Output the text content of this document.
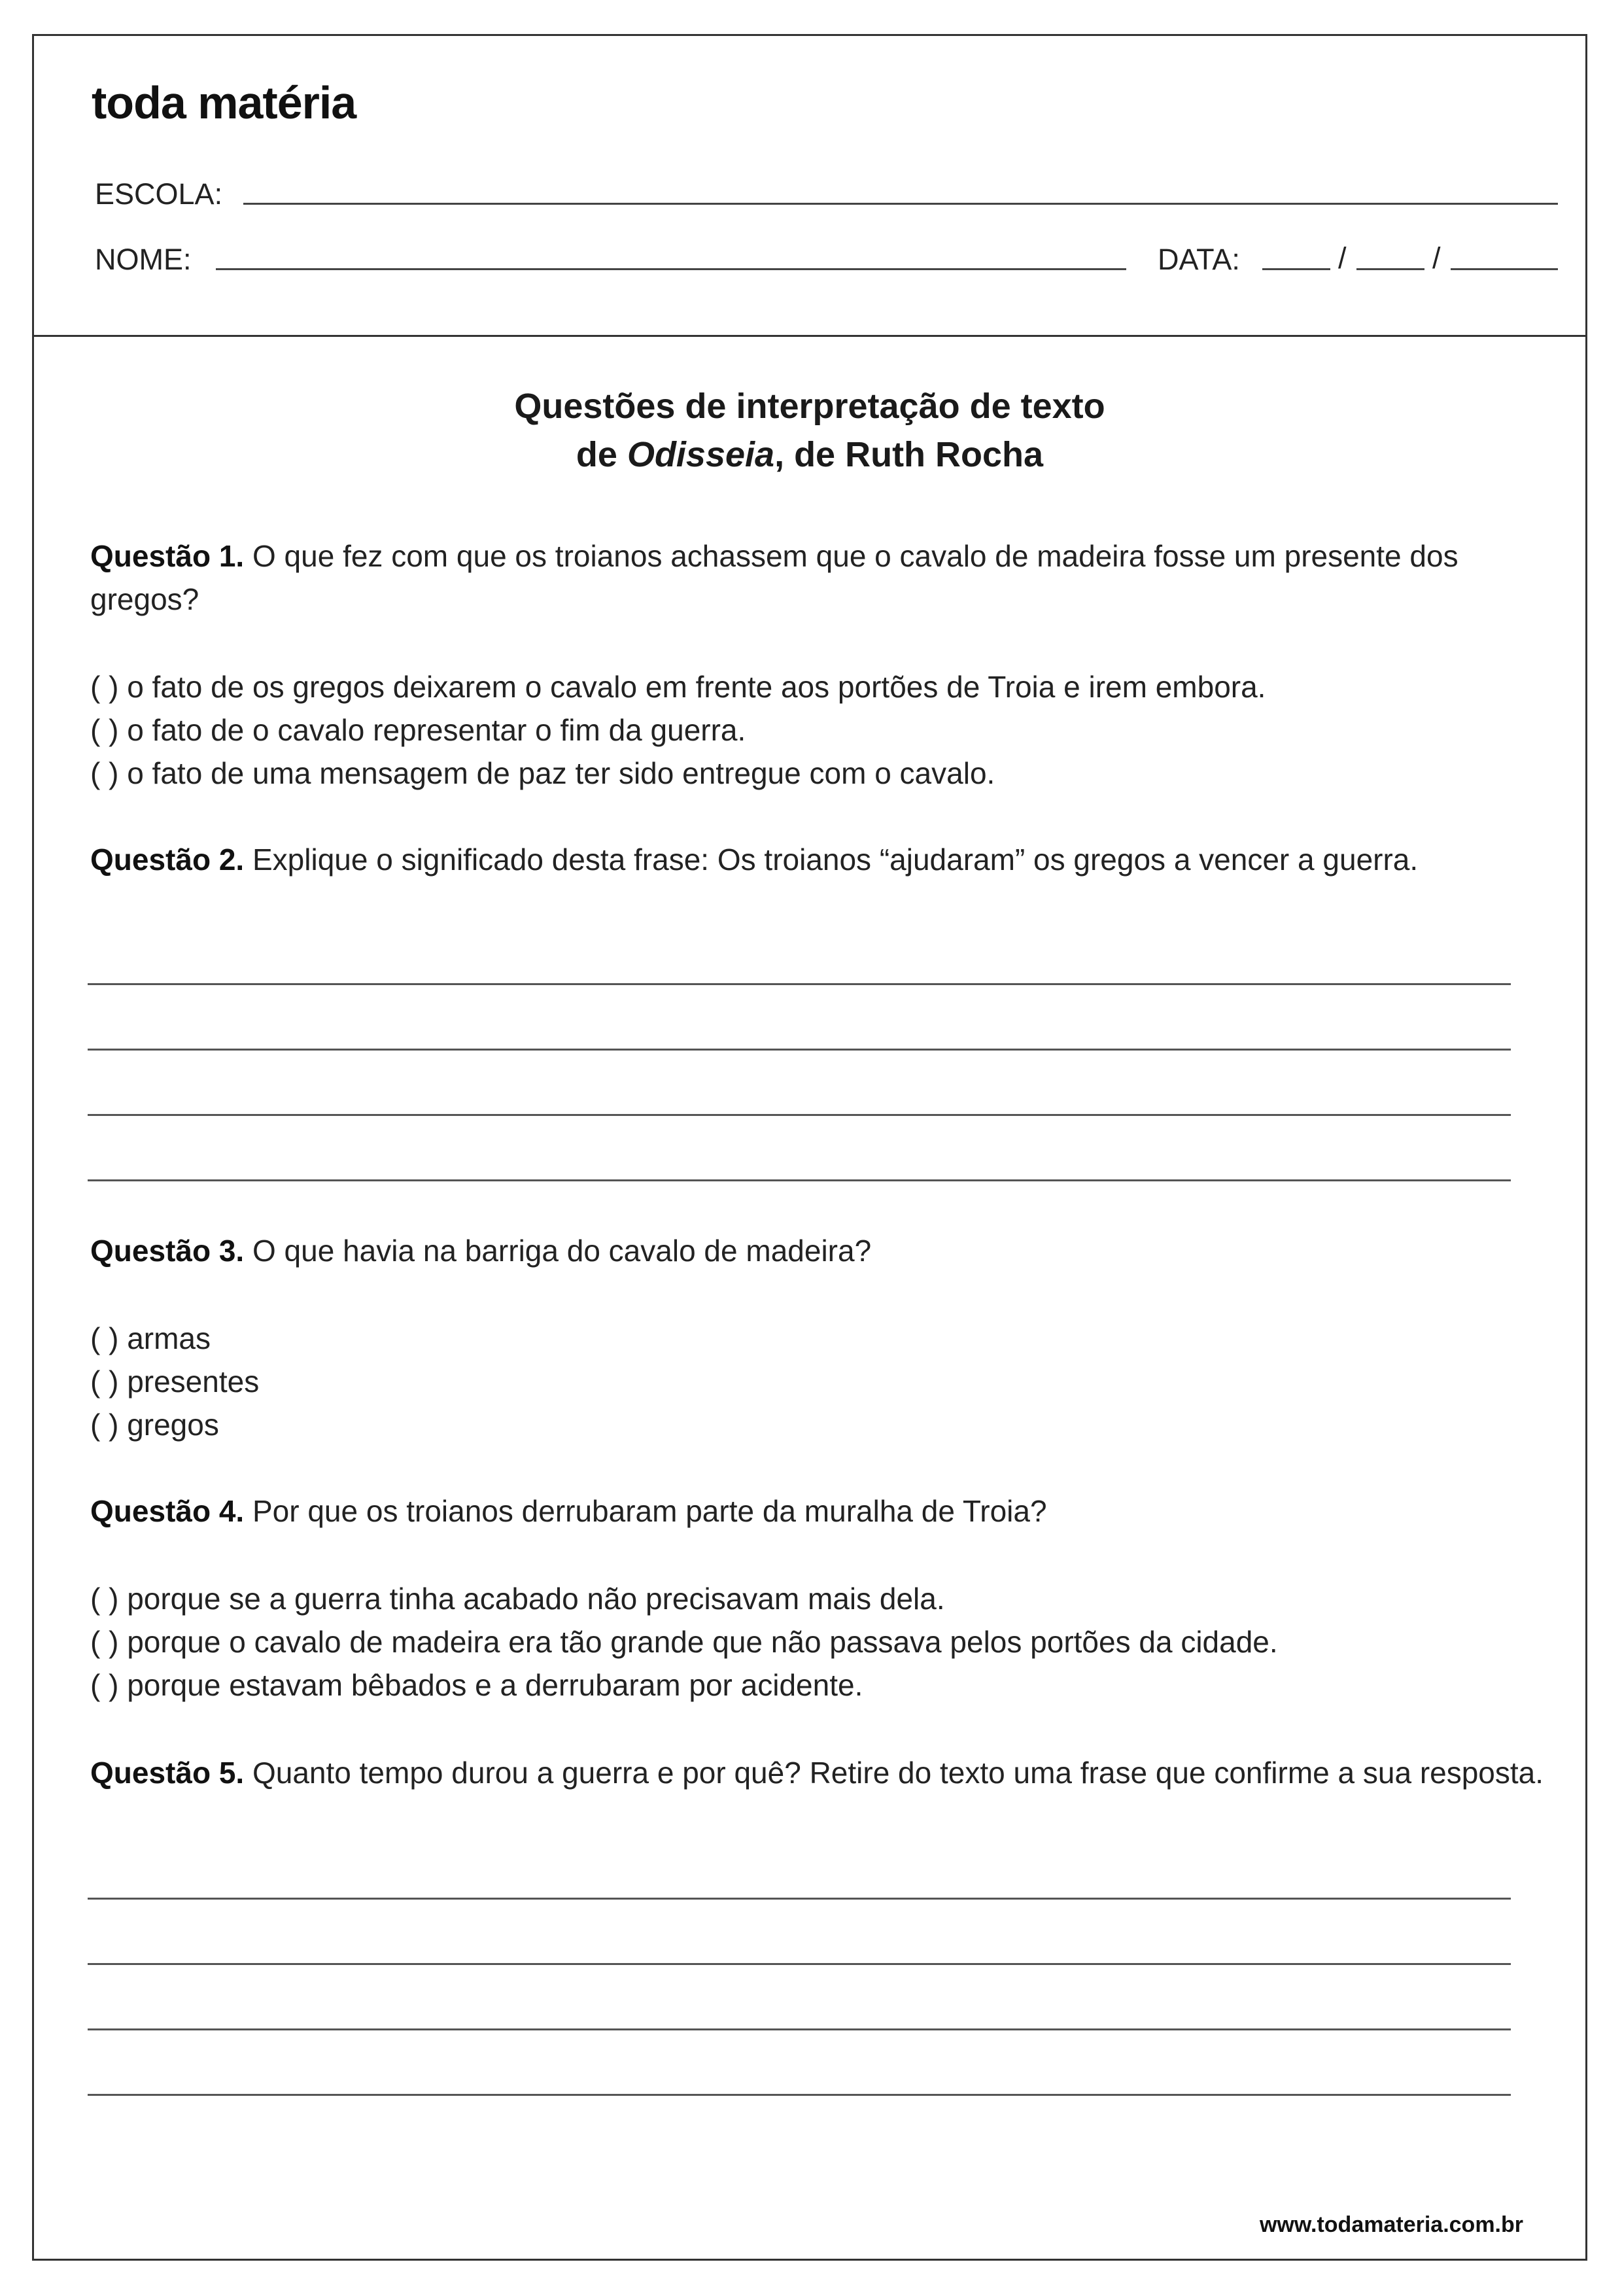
toda matéria
ESCOLA:
NOME:	DATA:	/	/
Questões de interpretação de texto
de Odisseia, de Ruth Rocha
Questão 1. O que fez com que os troianos achassem que o cavalo de madeira fosse um presente dos gregos?
( ) o fato de os gregos deixarem o cavalo em frente aos portões de Troia e irem embora.
( ) o fato de o cavalo representar o fim da guerra.
( ) o fato de uma mensagem de paz ter sido entregue com o cavalo.
Questão 2. Explique o significado desta frase: Os troianos “ajudaram” os gregos a vencer a guerra.
Questão 3. O que havia na barriga do cavalo de madeira?
( ) armas
( ) presentes
( ) gregos
Questão 4. Por que os troianos derrubaram parte da muralha de Troia?
( ) porque se a guerra tinha acabado não precisavam mais dela.
( ) porque o cavalo de madeira era tão grande que não passava pelos portões da cidade.
( ) porque estavam bêbados e a derrubaram por acidente.
Questão 5. Quanto tempo durou a guerra e por quê? Retire do texto uma frase que confirme a sua resposta.
www.todamateria.com.br
